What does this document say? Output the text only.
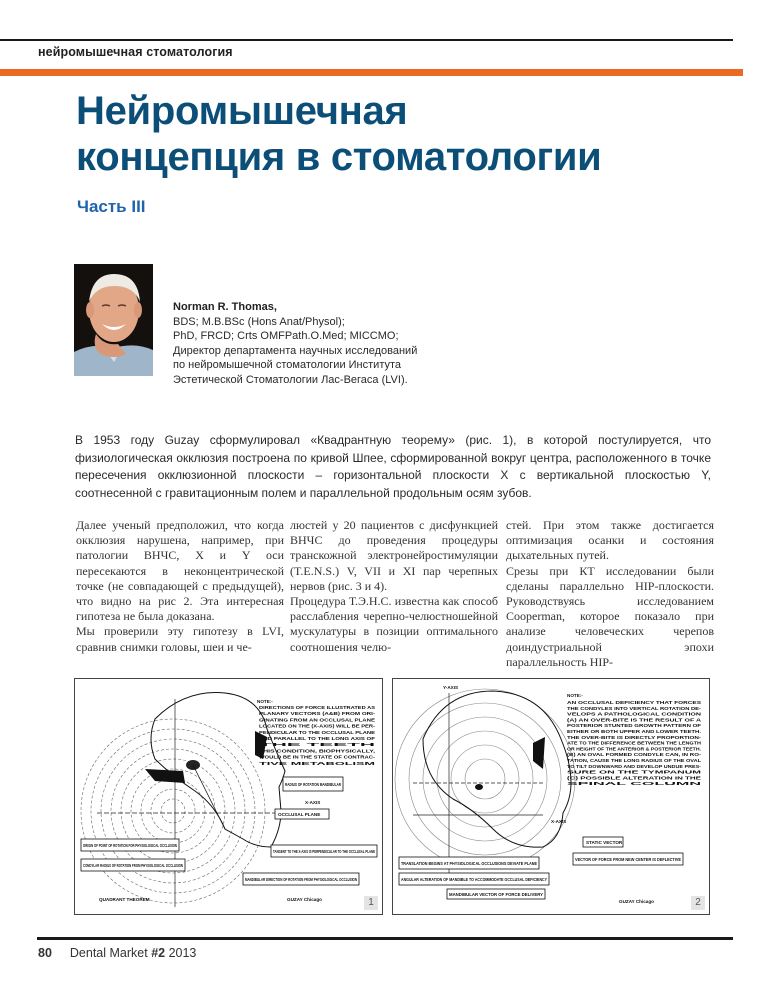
нейромышечная стоматология
Нейромышечная
концепция в стоматологии
Часть III
Norman R. Thomas,
BDS; M.B.BSc (Hons Anat/Physol);
PhD, FRCD; Crts OMFPath.O.Med; MICCMO;
Директор департамента научных исследований
по нейромышечной стоматологии Института
Эстетической Стоматологии Лас-Вегаса (LVI).
В 1953 году Guzay сформулировал «Квадрантную теорему» (рис. 1), в которой постулируется, что физиологическая окклюзия построена по кривой Шпее, сформированной вокруг центра, расположенного в точке пересечения окклюзионной плоскости – горизонтальной плоскости X с вертикальной плоскостью Y, соотнесенной с гравитационным полем и параллельной продольным осям зубов.

Далее ученый предположил, что когда окклюзия нарушена, например, при патологии ВНЧС, X и Y оси пересекаются в неконцентрической точке (не совпадающей с предыдущей), что видно на рис 2. Эта интересная гипотеза не была доказана.

Мы проверили эту гипотезу в LVI, сравнив снимки головы, шеи и че-

люстей у 20 пациентов с дисфункцией ВНЧС до проведения процедуры транскожной электронейростимуляции (T.E.N.S.) V, VII и XI пар черепных нервов (рис. 3 и 4).

Процедура Т.Э.Н.С. известна как способ расслабления черепно-челюстношейной мускулатуры в позиции оптимального соотношения челю-

стей. При этом также достигается оптимизация осанки и состояния дыхательных путей.

Срезы при КТ исследовании были сделаны параллельно HIP-плоскости. Руководствуясь исследованием Cooperman, которое показало при анализе человеческих черепов доиндустриальной эпохи параллельность HIP-

NOTE:-
DIRECTIONS OF FORCE ILLUSTRATED AS
PLANARY VECTORS (A&B) FROM ORI-
GINATING FROM AN OCCLUSAL PLANE
LOCATED ON THE (X-AXIS) WILL BE PER-
PENDICULAR TO THE OCCLUSAL PLANE
AND PARALLEL TO THE LONG AXIS OF
THE TEETH
THIS CONDITION, BIOPHYSICALLY,
WOULD BE IN THE STATE OF CONTRAC-
TIVE METABOLISM
RADIUS OF ROTATION MANDIBULAR
X-AXIS
OCCLUSAL PLANE
TANGENT TO THE X-AXIS IS PERPENDICULAR TO THE OCCLUSAL PLANE
ORIGIN OF POINT OF ROTATION FOR PHYSIOLOGICAL OCCLUSION
CONDYLAR RADIUS OF ROTATION FROM PHYSIOLOGICAL OCCLUSION
MANDIBULAR DIRECTION OF ROTATION FROM PHYSIOLOGICAL OCCLUSION
QUADRANT THEOREM	GUZAY Chicago	1
Y-AXIS
NOTE:-
AN OCCLUSAL DEFICIENCY THAT FORCES
THE CONDYLES INTO VERTICAL ROTATION DE-
VELOPS A PATHOLOGICAL CONDITION
(A) AN OVER-BITE IS THE RESULT OF A
POSTERIOR STUNTED GROWTH PATTERN OF
EITHER OR BOTH UPPER AND LOWER TEETH.
THE OVER-BITE IS DIRECTLY PROPORTION-
ATE TO THE DIFFERENCE BETWEEN THE LENGTH
OR HEIGHT OF THE ANTERIOR & POSTERIOR TEETH.
(B) AN OVAL FORMED CONDYLE CAN, IN RO-
TATION, CAUSE THE LONG RADIUS OF THE OVAL
TO TILT DOWNWARD AND DEVELOP UNDUE PRES-
SURE ON THE TYMPANUM
(C) POSSIBLE ALTERATION IN THE
SPINAL COLUMN
X-AXIS
STATIC VECTOR
VECTOR OF FORCE FROM NEW CENTER IS DEFLECTIVE
TRANSLATION BEGINS AT PHYSIOLOGICAL OCCLUSIONS DEVIATE PLANE
ANGULAR ALTERATION OF MANDIBLE TO ACCOMMODATE OCCLUSAL DEFICIENCY
MANDIBULAR VECTOR OF FORCE DELIVERY
GUZAY Chicago	2
80 Dental Market #2 2013
